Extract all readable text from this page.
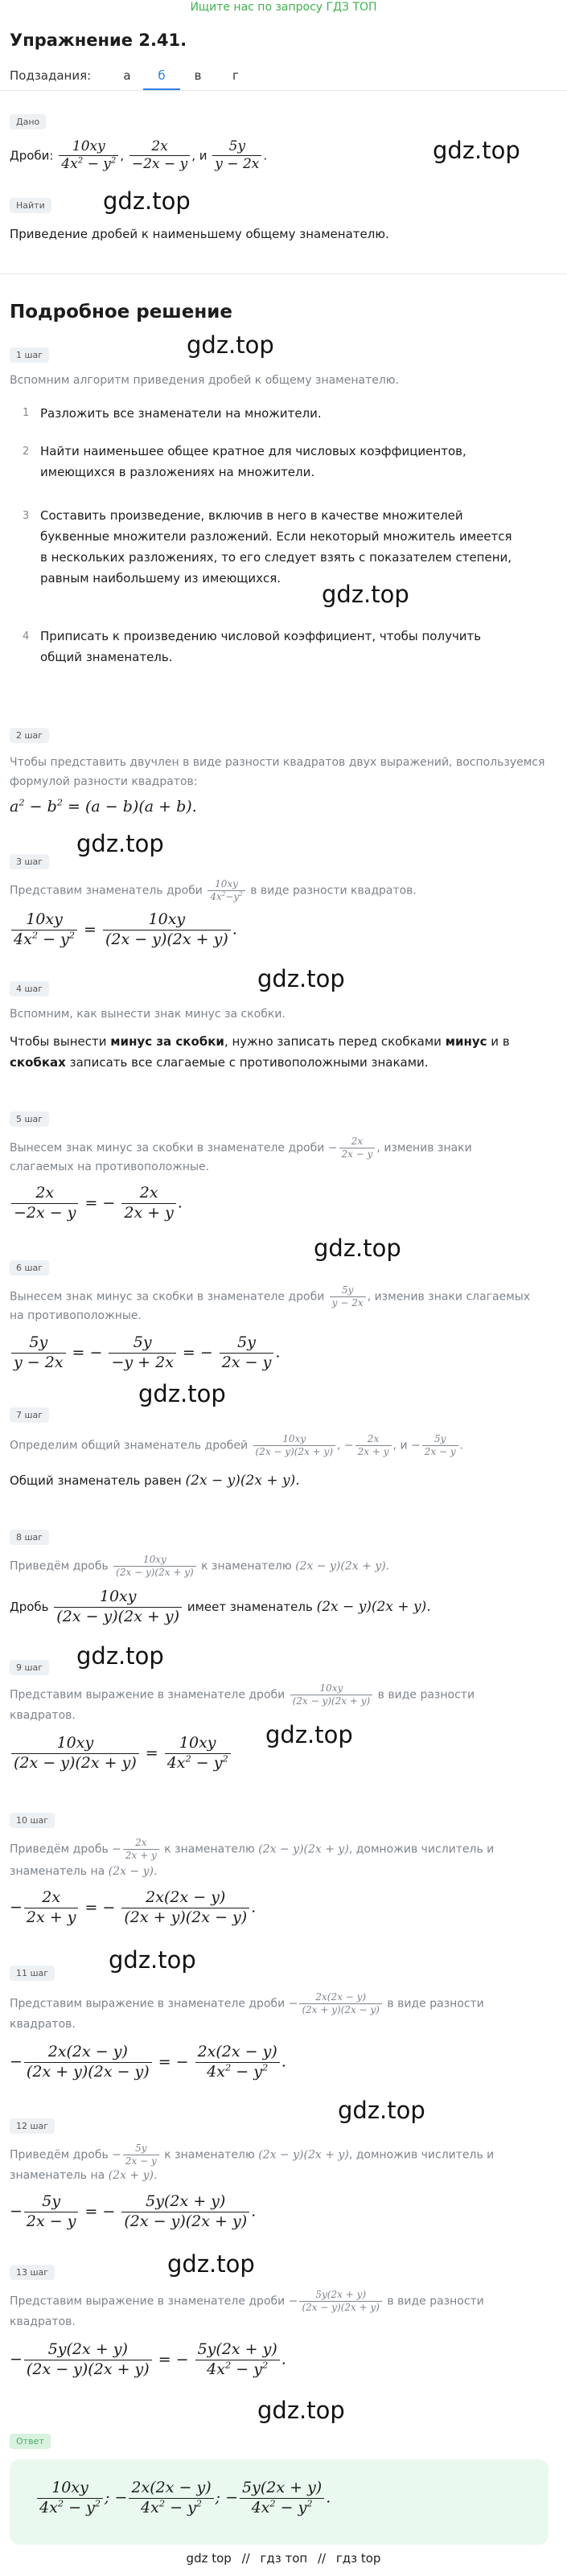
Ищите нас по запросу ГДЗ ТОП
Упражнение 2.41.
Подзадания:	а	б	в	г
Дано
Дроби: $\frac{10xy}{4x^2 - y^2}$ , $\frac{2x}{-2x - y}$ , и $\frac{5y}{y - 2x}$ .	gdz.top
Найти gdz.top
Приведение дробей к наименьшему общему знаменателю.
Подробное решение
gdz.top
1 шаг
Вспомним алгоритм приведения дробей к общему знаменателю.
1 Разложить все знаменатели на множители.
2 Найти наименьшее общее кратное для числовых коэффициентов,
имеющихся в разложениях на множители.
3 Составить произведение, включив в него в качестве множителей
буквенные множители разложений. Если некоторый множитель имеется
в нескольких разложениях, то его следует взять с показателем степени,
равным наибольшему из имеющихся.
gdz.top
4 Приписать к произведению числовой коэффициент, чтобы получить
общий знаменатель.
2 шаг
Чтобы представить двучлен в виде разности квадратов двух выражений, воспользуемся
формулой разности квадратов:
$a^2 - b^2 = (a - b)(a + b)$.
gdz.top
3 шаг
Представим знаменатель дроби $\frac{10xy}{4x^2-y^2}$ в виде разности квадратов.
$\frac{10xy}{4x^2 - y^2} = \frac{10xy}{(2x - y)(2x + y)}$ .
gdz.top
4 шаг
Вспомним, как вынести знак минус за скобки.
Чтобы вынести минус за скобки, нужно записать перед скобками минус и в
скобках записать все слагаемые с противоположными знаками.
5 шаг
Вынесем знак минус за скобки в знаменателе дроби − $\frac{2x}{2x - y}$ , изменив знаки
слагаемых на противоположные.
$\frac{2x}{-2x - y}$ = − $\frac{2x}{2x + y}$ .
gdz.top
6 шаг
Вынесем знак минус за скобки в знаменателе дроби $\frac{5y}{y - 2x}$ , изменив знаки слагаемых
на противоположные.
$\frac{5y}{y - 2x}$ = − $\frac{5y}{-y + 2x}$ = − $\frac{5y}{2x - y}$ .
gdz.top
7 шаг
Определим общий знаменатель дробей $\frac{10xy}{(2x - y)(2x + y)}$ , − $\frac{2x}{2x + y}$ , $и - \frac{5y}{2x - y}$ .
Общий знаменатель равен (2x − y)(2x + y).
8 шаг
Приведём дробь $\frac{10xy}{(2x - y)(2x + y)}$ к знаменателю (2x − y)(2x + y).
Дробь $\frac{10xy}{(2x - y)(2x + y)}$ имеет знаменатель (2x − y)(2x + y).
gdz.top
9 шаг
Представим выражение в знаменателе дроби $\frac{10xy}{(2x - y)(2x + y)}$ в виде разности
квадратов.
gdz.top
$\frac{10xy}{(2x - y)(2x + y)} = \frac{10xy}{4x^2 - y^2}$
10 шаг
Приведём дробь − $\frac{2x}{2x + y}$ к знаменателю (2x − y)(2x + y), домножив числитель и
знаменатель на (2x − y).
− $\frac{2x}{2x + y}$ = − $\frac{2x(2x - y)}{(2x + y)(2x - y)}$ .
gdz.top
11 шаг
Представим выражение в знаменателе дроби − $\frac{2x(2x - y)}{(2x + y)(2x - y)}$ в виде разности
квадратов.
− $\frac{2x(2x - y)}{(2x + y)(2x - y)}$ = − $\frac{2x(2x - y)}{4x^2 - y^2}$ .
gdz.top
12 шаг
Приведём дробь − $\frac{5y}{2x - y}$ к знаменателю (2x − y)(2x + y), домножив числитель и
знаменатель на (2x + y).
− $\frac{5y}{2x - y}$ = − $\frac{5y(2x + y)}{(2x - y)(2x + y)}$ .
gdz.top
13 шаг
Представим выражение в знаменателе дроби − $\frac{5y(2x + y)}{(2x - y)(2x + y)}$ в виде разности
квадратов.
− $\frac{5y(2x + y)}{(2x - y)(2x + y)}$ = − $\frac{5y(2x + y)}{4x^2 - y^2}$ .
gdz.top
Ответ
$\frac{10xy}{4x^2 - y^2}$ ; − $\frac{2x(2x - y)}{4x^2 - y^2}$ ; − $\frac{5y(2x + y)}{4x^2 - y^2}$ .
gdz top // гдз топ // гдз top
